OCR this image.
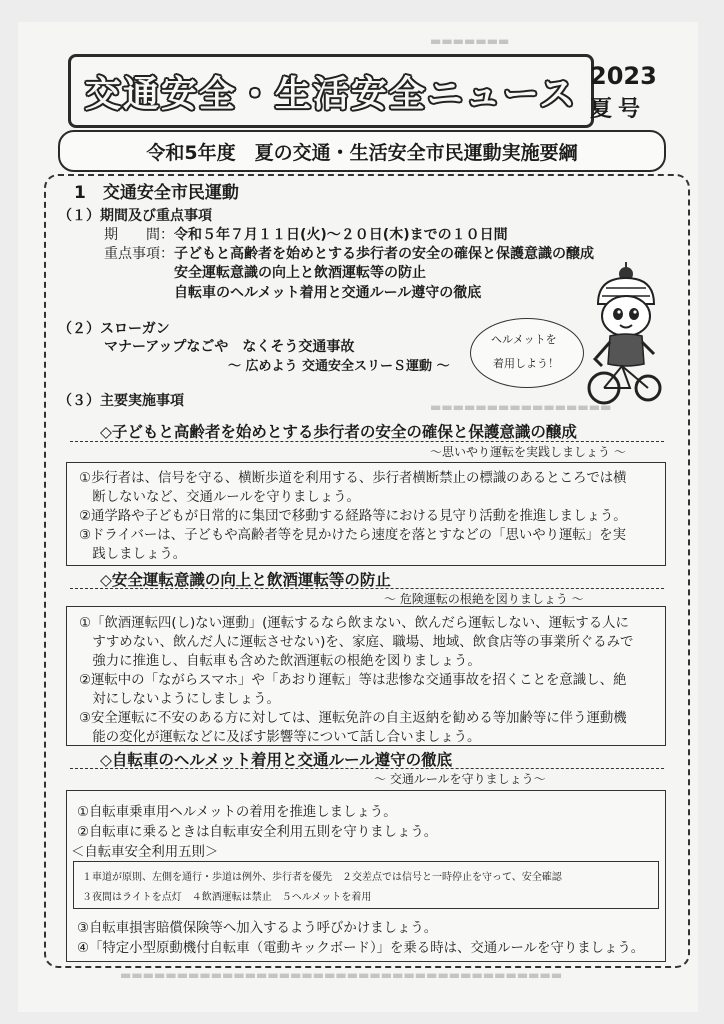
▬▬▬▬▬▬▬
▬▬▬▬▬▬▬▬▬▬▬▬▬▬▬▬
▬▬▬▬▬▬▬▬▬▬▬▬▬▬▬▬▬▬▬▬▬▬▬▬▬▬▬▬▬▬▬▬▬▬▬▬▬▬▬
交通安全・生活安全ニュース 2023
夏号
令和5年度　夏の交通・生活安全市民運動実施要綱
1　交通安全市民運動
（１）期間及び重点事項
期　　間： 令和５年７月１１日(火)～２０日(木)までの１０日間
重点事項： 子どもと高齢者を始めとする歩行者の安全の確保と保護意識の醸成
安全運転意識の向上と飲酒運転等の防止
自転車のヘルメット着用と交通ルール遵守の徹底
（２）スローガン
マナーアップなごや　なくそう交通事故
～ 広めよう 交通安全スリーＳ運動 ～
ヘルメットを
着用しよう！
（３）主要実施事項
◇子どもと高齢者を始めとする歩行者の安全の確保と保護意識の醸成
～思いやり運転を実践しましょう ～
①歩行者は、信号を守る、横断歩道を利用する、歩行者横断禁止の標識のあるところでは横
　断しないなど、交通ルールを守りましょう。
②通学路や子どもが日常的に集団で移動する経路等における見守り活動を推進しましょう。
③ドライバーは、子どもや高齢者等を見かけたら速度を落とすなどの「思いやり運転」を実
　践しましょう。
◇安全運転意識の向上と飲酒運転等の防止
～ 危険運転の根絶を図りましょう ～
①「飲酒運転四(し)ない運動」(運転するなら飲まない、飲んだら運転しない、運転する人に
　すすめない、飲んだ人に運転させない)を、家庭、職場、地域、飲食店等の事業所ぐるみで
　強力に推進し、自転車も含めた飲酒運転の根絶を図りましょう。
②運転中の「ながらスマホ」や「あおり運転」等は悲惨な交通事故を招くことを意識し、絶
　対にしないようにしましょう。
③安全運転に不安のある方に対しては、運転免許の自主返納を勧める等加齢等に伴う運動機
　能の変化が運転などに及ぼす影響等について話し合いましょう。
◇自転車のヘルメット着用と交通ルール遵守の徹底
～ 交通ルールを守りましょう～
①自転車乗車用ヘルメットの着用を推進しましょう。
②自転車に乗るときは自転車安全利用五則を守りましょう。
＜自転車安全利用五則＞
１車道が原則、左側を通行・歩道は例外、歩行者を優先　２交差点では信号と一時停止を守って、安全確認
３夜間はライトを点灯　４飲酒運転は禁止　５ヘルメットを着用
③自転車損害賠償保険等へ加入するよう呼びかけましょう。
④「特定小型原動機付自転車（電動キックボード）」を乗る時は、交通ルールを守りましょう。
